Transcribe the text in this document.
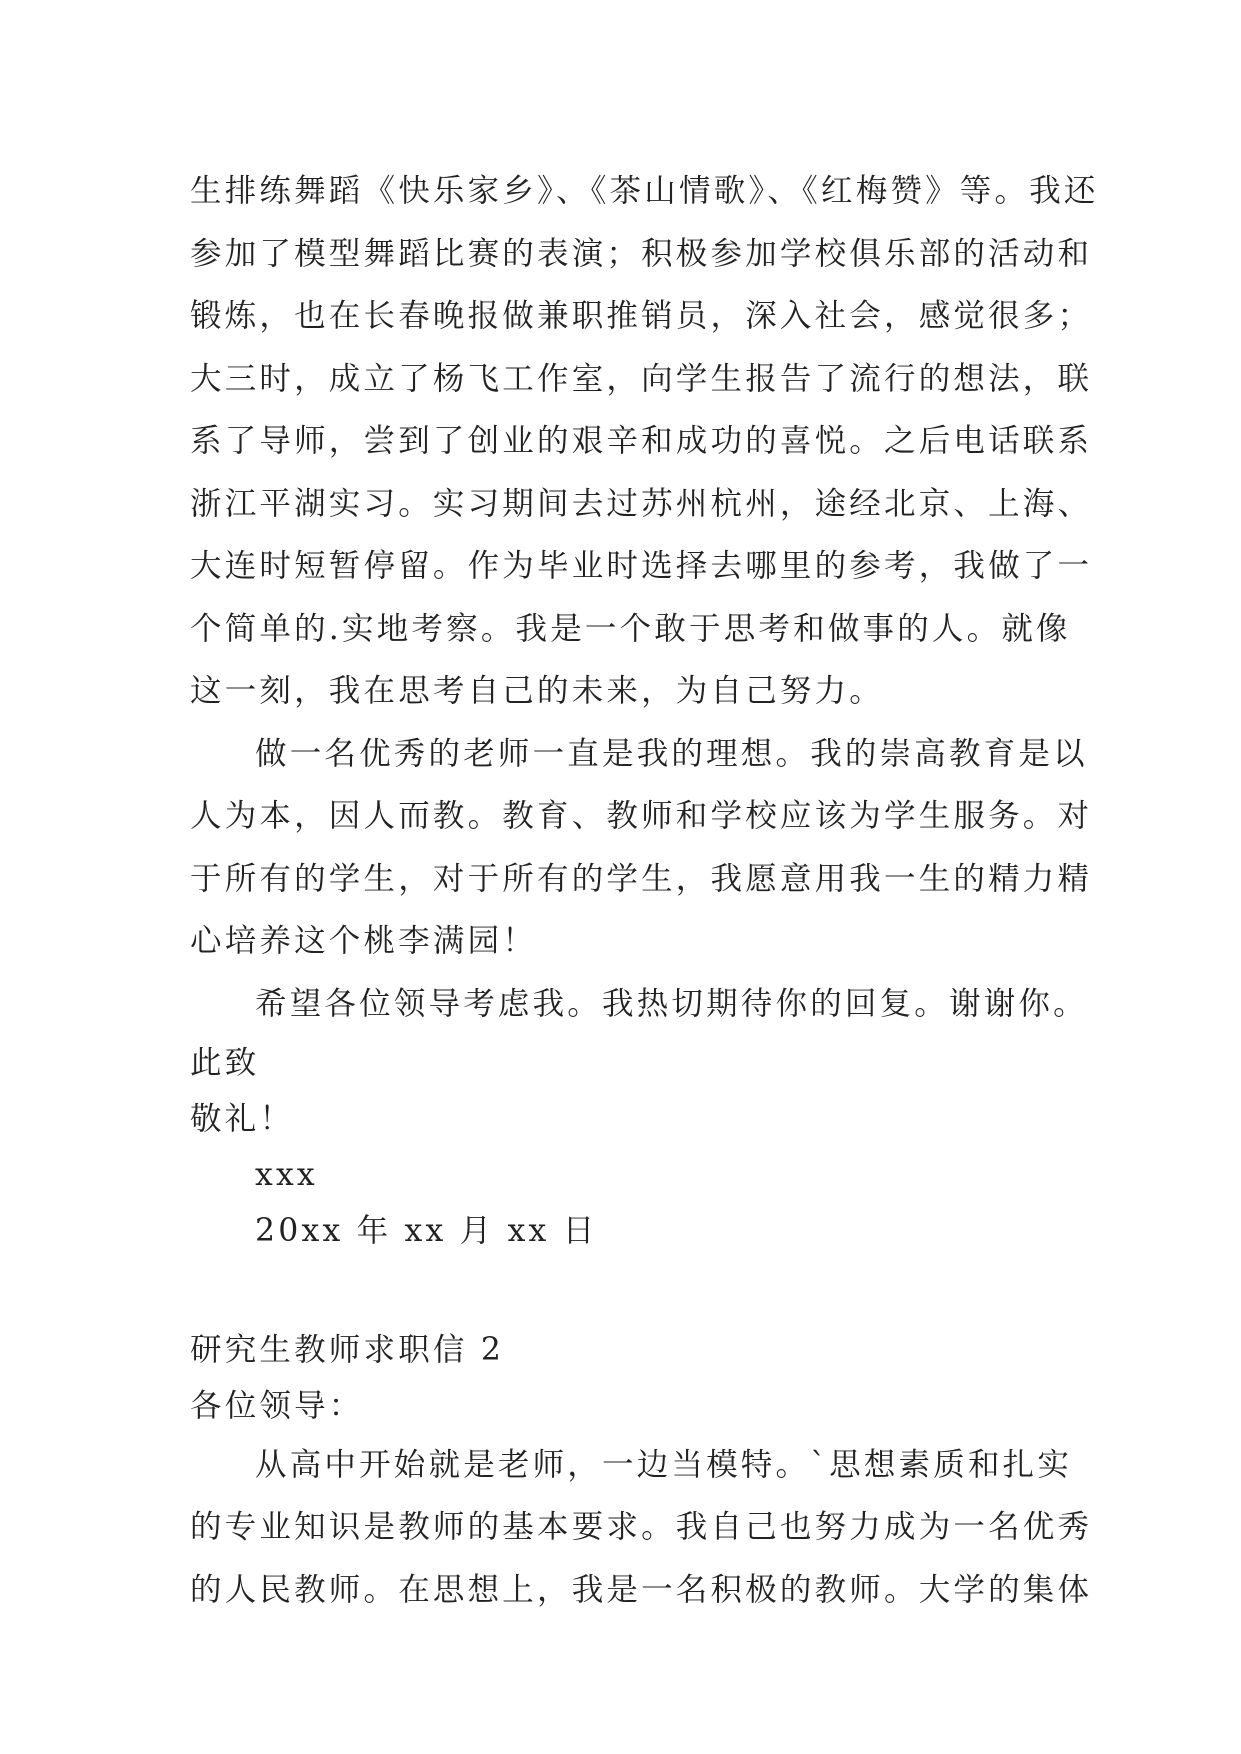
生排练舞蹈《快乐家乡》、《茶山情歌》、《红梅赞》等。我还
参加了模型舞蹈比赛的表演；积极参加学校俱乐部的活动和
锻炼，也在长春晚报做兼职推销员，深入社会，感觉很多；
大三时，成立了杨飞工作室，向学生报告了流行的想法，联
系了导师，尝到了创业的艰辛和成功的喜悦。之后电话联系
浙江平湖实习。实习期间去过苏州杭州，途经北京、上海、
大连时短暂停留。作为毕业时选择去哪里的参考，我做了一
个简单的.实地考察。我是一个敢于思考和做事的人。就像
这一刻，我在思考自己的未来，为自己努力。
做一名优秀的老师一直是我的理想。我的崇高教育是以
人为本，因人而教。教育、教师和学校应该为学生服务。对
于所有的学生，对于所有的学生，我愿意用我一生的精力精
心培养这个桃李满园！
希望各位领导考虑我。我热切期待你的回复。谢谢你。
此致
敬礼！
xxx
20xx 年 xx 月 xx 日
研究生教师求职信 2
各位领导：
从高中开始就是老师，一边当模特。`思想素质和扎实
的专业知识是教师的基本要求。我自己也努力成为一名优秀
的人民教师。在思想上，我是一名积极的教师。大学的集体
